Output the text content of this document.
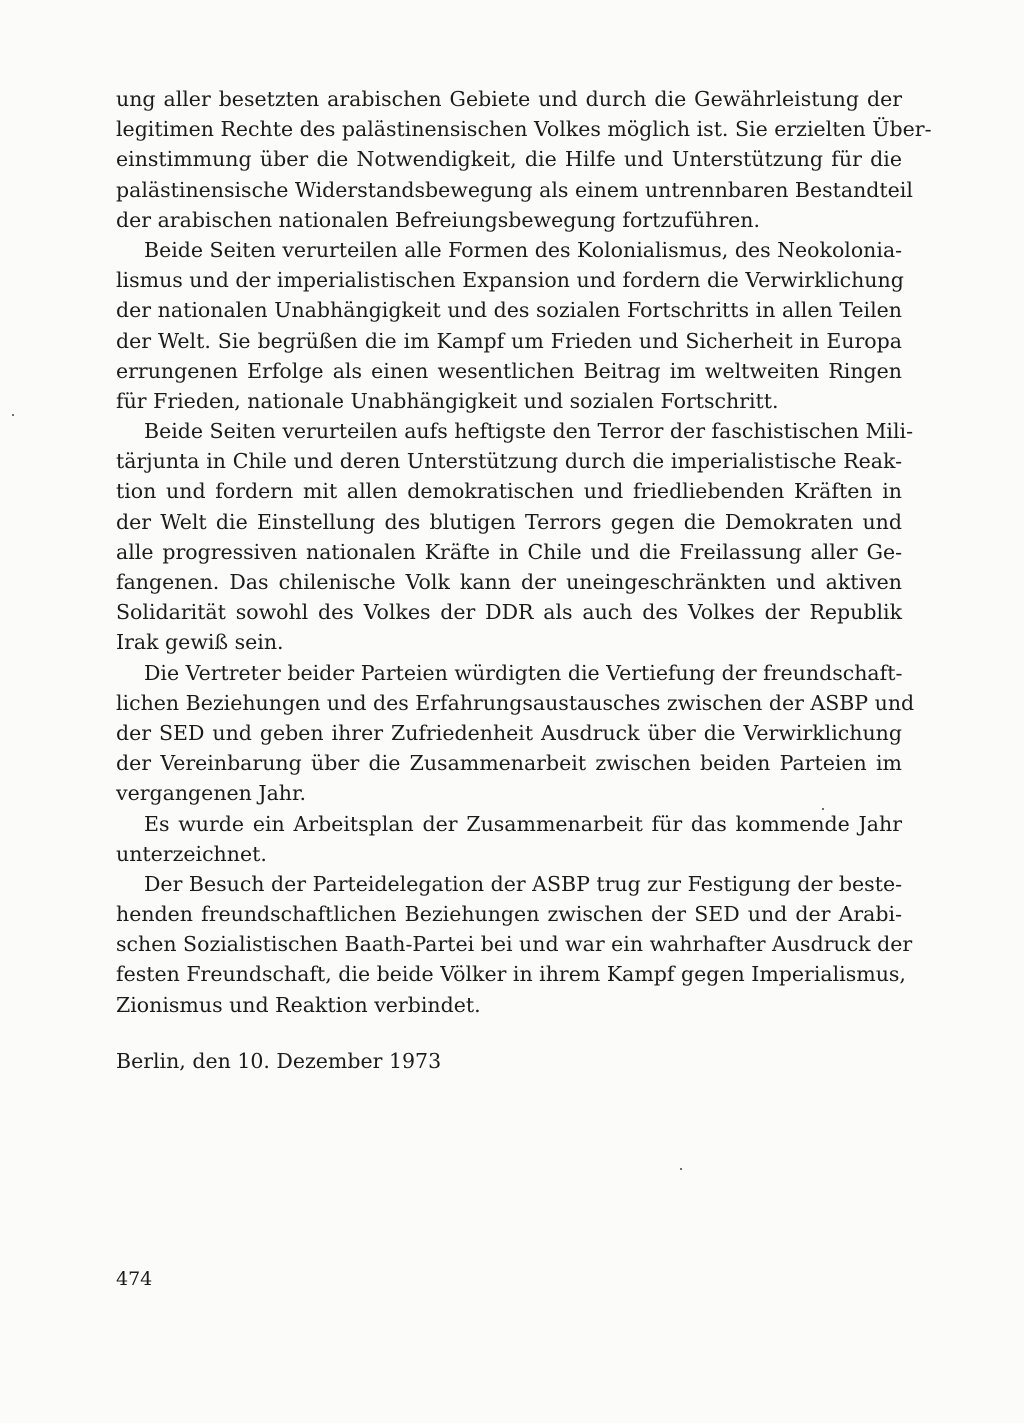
ung aller besetzten arabischen Gebiete und durch die Gewährleistung der
legitimen Rechte des palästinensischen Volkes möglich ist. Sie erzielten Über-
einstimmung über die Notwendigkeit, die Hilfe und Unterstützung für die
palästinensische Widerstandsbewegung als einem untrennbaren Bestandteil
der arabischen nationalen Befreiungsbewegung fortzuführen.
Beide Seiten verurteilen alle Formen des Kolonialismus, des Neokolonia-
lismus und der imperialistischen Expansion und fordern die Verwirklichung
der nationalen Unabhängigkeit und des sozialen Fortschritts in allen Teilen
der Welt. Sie begrüßen die im Kampf um Frieden und Sicherheit in Europa
errungenen Erfolge als einen wesentlichen Beitrag im weltweiten Ringen
für Frieden, nationale Unabhängigkeit und sozialen Fortschritt.
Beide Seiten verurteilen aufs heftigste den Terror der faschistischen Mili-
tärjunta in Chile und deren Unterstützung durch die imperialistische Reak-
tion und fordern mit allen demokratischen und friedliebenden Kräften in
der Welt die Einstellung des blutigen Terrors gegen die Demokraten und
alle progressiven nationalen Kräfte in Chile und die Freilassung aller Ge-
fangenen. Das chilenische Volk kann der uneingeschränkten und aktiven
Solidarität sowohl des Volkes der DDR als auch des Volkes der Republik
Irak gewiß sein.
Die Vertreter beider Parteien würdigten die Vertiefung der freundschaft-
lichen Beziehungen und des Erfahrungsaustausches zwischen der ASBP und
der SED und geben ihrer Zufriedenheit Ausdruck über die Verwirklichung
der Vereinbarung über die Zusammenarbeit zwischen beiden Parteien im
vergangenen Jahr.
Es wurde ein Arbeitsplan der Zusammenarbeit für das kommende Jahr
unterzeichnet.
Der Besuch der Parteidelegation der ASBP trug zur Festigung der beste-
henden freundschaftlichen Beziehungen zwischen der SED und der Arabi-
schen Sozialistischen Baath-Partei bei und war ein wahrhafter Ausdruck der
festen Freundschaft, die beide Völker in ihrem Kampf gegen Imperialismus,
Zionismus und Reaktion verbindet.
Berlin, den 10. Dezember 1973
474
